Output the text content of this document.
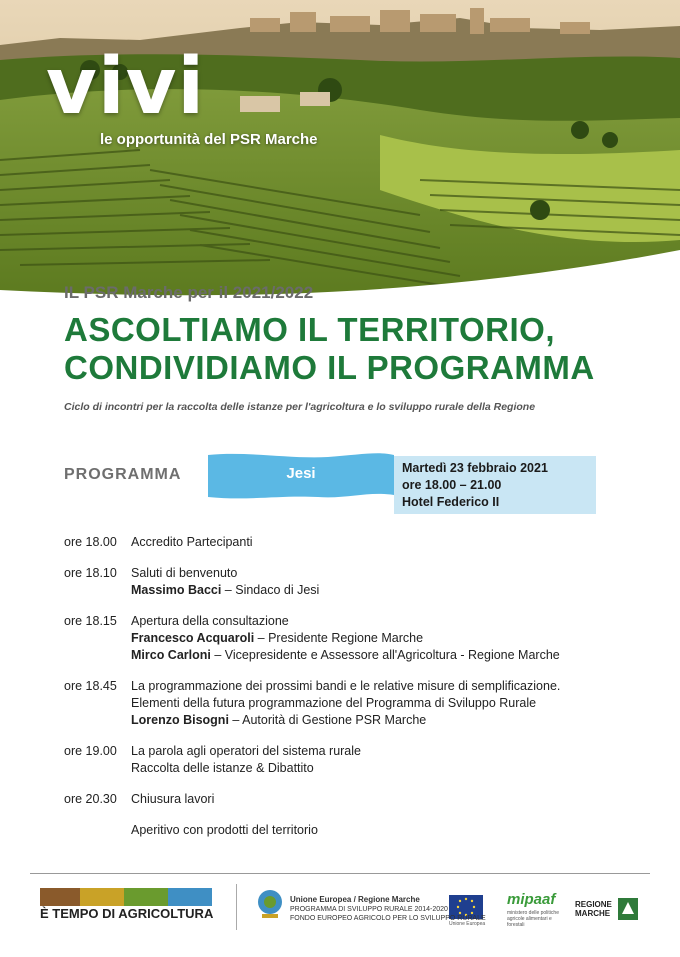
vivi
le opportunità del PSR Marche
IL PSR Marche per il 2021/2022
ASCOLTIAMO IL TERRITORIO,
CONDIVIDIAMO IL PROGRAMMA
Ciclo di incontri per la raccolta delle istanze per l'agricoltura e lo sviluppo rurale della Regione
PROGRAMMA	Jesi	Martedì 23 febbraio 2021
ore 18.00 – 21.00
Hotel Federico II
ore 18.00	Accredito Partecipanti
ore 18.10	Saluti di benvenuto
Massimo Bacci – Sindaco di Jesi
ore 18.15	Apertura della consultazione
Francesco Acquaroli – Presidente Regione Marche
Mirco Carloni – Vicepresidente e Assessore all'Agricoltura - Regione Marche
ore 18.45	La programmazione dei prossimi bandi e le relative misure di semplificazione.
Elementi della futura programmazione del Programma di Sviluppo Rurale
Lorenzo Bisogni – Autorità di Gestione PSR Marche
ore 19.00	La parola agli operatori del sistema rurale
Raccolta delle istanze & Dibattito
ore 20.30	Chiusura lavori
Aperitivo con prodotti del territorio
È TEMPO DI AGRICOLTURA
Unione Europea / Regione Marche
PROGRAMMA DI SVILUPPO RURALE 2014-2020
FONDO EUROPEO AGRICOLO PER LO SVILUPPO RURALE
Unione Europea
mipaaf
ministero delle politiche agricole alimentari e forestali
REGIONE
MARCHE
